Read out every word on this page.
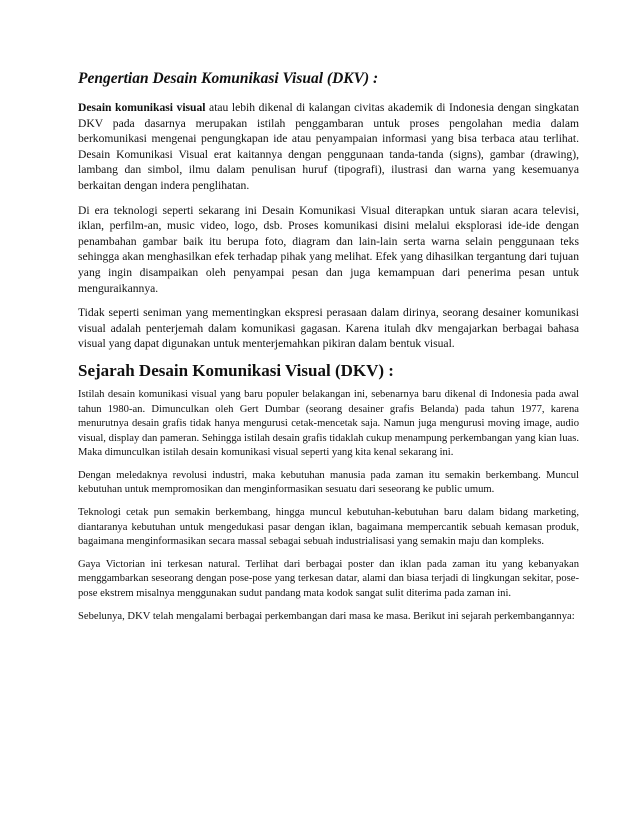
Pengertian Desain Komunikasi Visual (DKV) :

Desain komunikasi visual atau lebih dikenal di kalangan civitas akademik di Indonesia dengan singkatan DKV pada dasarnya merupakan istilah penggambaran untuk proses pengolahan media dalam berkomunikasi mengenai pengungkapan ide atau penyampaian informasi yang bisa terbaca atau terlihat. Desain Komunikasi Visual erat kaitannya dengan penggunaan tanda-tanda (signs), gambar (drawing), lambang dan simbol, ilmu dalam penulisan huruf (tipografi), ilustrasi dan warna yang kesemuanya berkaitan dengan indera penglihatan.

Di era teknologi seperti sekarang ini Desain Komunikasi Visual diterapkan untuk siaran acara televisi, iklan, perfilm-an, music video, logo, dsb. Proses komunikasi disini melalui eksplorasi ide-ide dengan penambahan gambar baik itu berupa foto, diagram dan lain-lain serta warna selain penggunaan teks sehingga akan menghasilkan efek terhadap pihak yang melihat. Efek yang dihasilkan tergantung dari tujuan yang ingin disampaikan oleh penyampai pesan dan juga kemampuan dari penerima pesan untuk menguraikannya.

Tidak seperti seniman yang mementingkan ekspresi perasaan dalam dirinya, seorang desainer komunikasi visual adalah penterjemah dalam komunikasi gagasan. Karena itulah dkv mengajarkan berbagai bahasa visual yang dapat digunakan untuk menterjemahkan pikiran dalam bentuk visual.

Sejarah Desain Komunikasi Visual (DKV) :

Istilah desain komunikasi visual yang baru populer belakangan ini, sebenarnya baru dikenal di Indonesia pada awal tahun 1980-an. Dimunculkan oleh Gert Dumbar (seorang desainer grafis Belanda) pada tahun 1977, karena menurutnya desain grafis tidak hanya mengurusi cetak-mencetak saja. Namun juga mengurusi moving image, audio visual, display dan pameran. Sehingga istilah desain grafis tidaklah cukup menampung perkembangan yang kian luas. Maka dimunculkan istilah desain komunikasi visual seperti yang kita kenal sekarang ini.

Dengan meledaknya revolusi industri, maka kebutuhan manusia pada zaman itu semakin berkembang. Muncul kebutuhan untuk mempromosikan dan menginformasikan sesuatu dari seseorang ke public umum.

Teknologi cetak pun semakin berkembang, hingga muncul kebutuhan-kebutuhan baru dalam bidang marketing, diantaranya kebutuhan untuk mengedukasi pasar dengan iklan, bagaimana mempercantik sebuah kemasan produk, bagaimana menginformasikan secara massal sebagai sebuah industrialisasi yang semakin maju dan kompleks.

Gaya Victorian ini terkesan natural. Terlihat dari berbagai poster dan iklan pada zaman itu yang kebanyakan menggambarkan seseorang dengan pose-pose yang terkesan datar, alami dan biasa terjadi di lingkungan sekitar, pose-pose ekstrem misalnya menggunakan sudut pandang mata kodok sangat sulit diterima pada zaman ini.

Sebelunya, DKV telah mengalami berbagai perkembangan dari masa ke masa. Berikut ini sejarah perkembangannya:
